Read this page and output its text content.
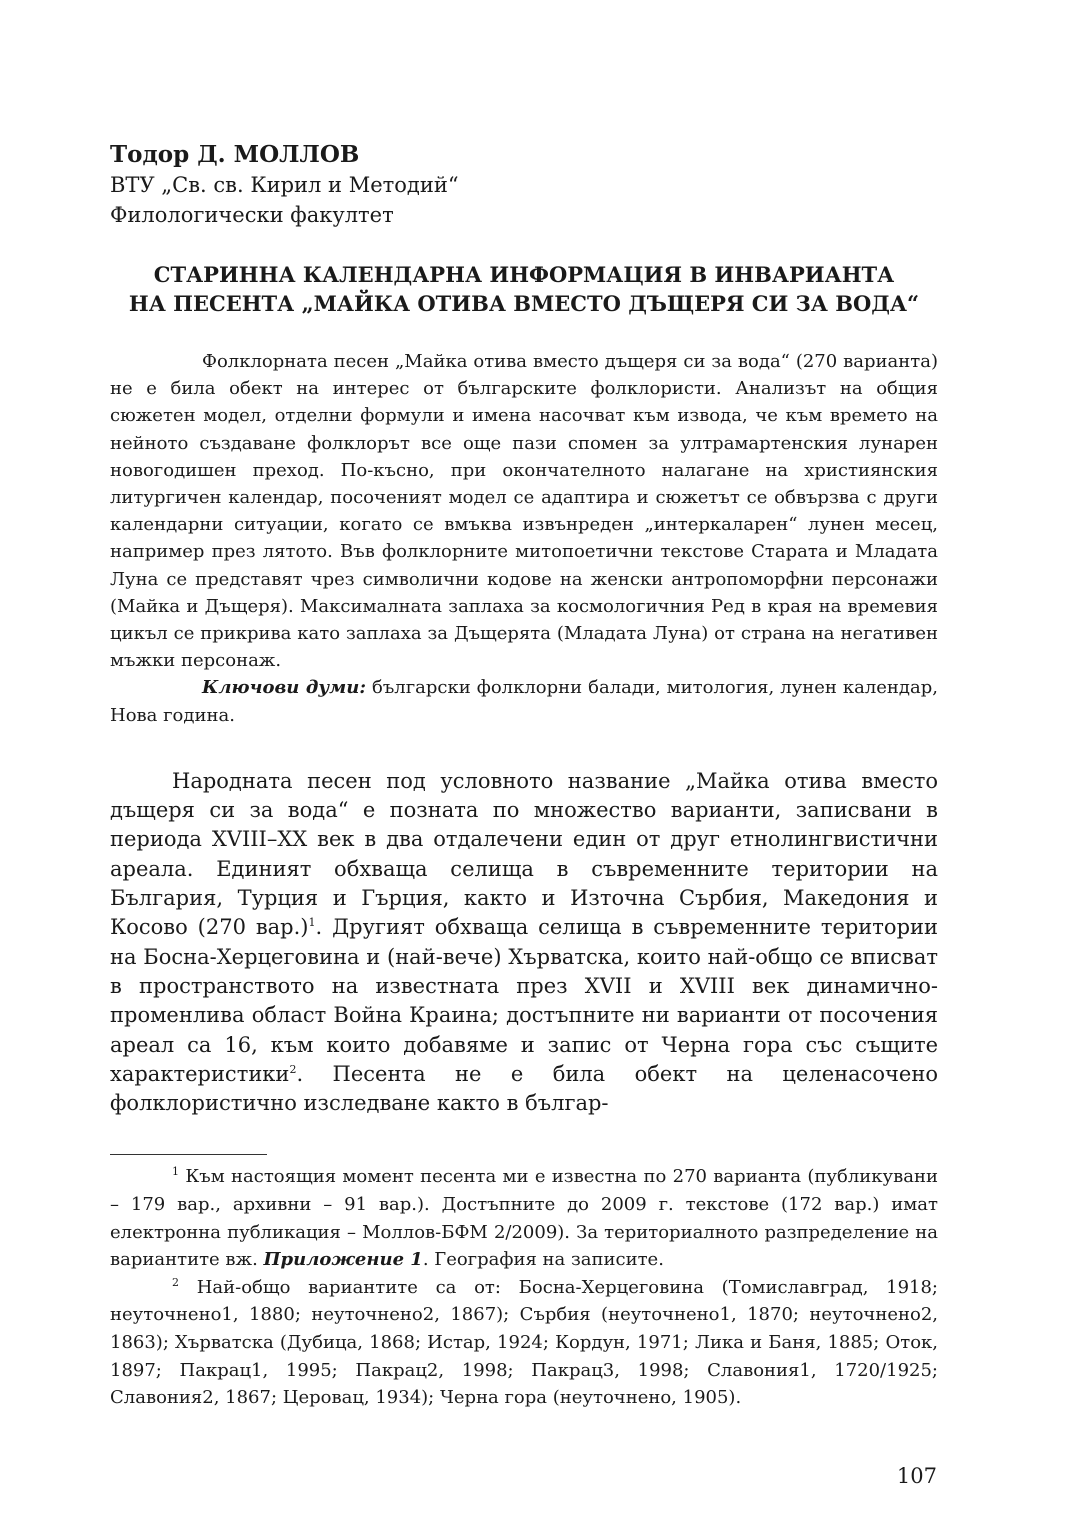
Тодор Д. МОЛЛОВ

ВТУ „Св. св. Кирил и Методий“

Филологически факултет

СТАРИННА КАЛЕНДАРНА ИНФОРМАЦИЯ В ИНВАРИАНТА
НА ПЕСЕНТА „МАЙКА ОТИВА ВМЕСТО ДЪЩЕРЯ СИ ЗА ВОДА“

Фолклорната песен „Майка отива вместо дъщеря си за вода“ (270 варианта) не е била обект на интерес от българските фолклористи. Анализът на общия сюжетен модел, отделни формули и имена насочват към извода, че към времето на нейното създаване фолклорът все още пази спомен за ултрамартенския лунарен новогодишен преход. По-късно, при окончателното налагане на християнския литургичен календар, посоченият модел се адаптира и сюжетът се обвързва с други календарни ситуации, когато се вмъква извънреден „интеркаларен“ лунен месец, например през лятото. Във фолклорните митопоетични текстове Старата и Младата Луна се представят чрез символични кодове на женски антропоморфни персонажи (Майка и Дъщеря). Максималната заплаха за космологичния Ред в края на времевия цикъл се прикрива като заплаха за Дъщерята (Младата Луна) от страна на негативен мъжки персонаж.

Ключови думи: български фолклорни балади, митология, лунен календар, Нова година.

Народната песен под условното название „Майка отива вместо дъщеря си за вода“ е позната по множество варианти, записвани в периода XVIII–XX век в два отдалечени един от друг етнолингвистични ареала. Единият обхваща селища в съвременните територии на България, Турция и Гърция, както и Източна Сърбия, Македония и Косово (270 вар.)$^1$. Другият обхваща селища в съвременните територии на Босна-Херцеговина и (най-вече) Хърватска, които най-общо се вписват в пространството на известната през XVII и XVIII век динамично-променлива област Война Краина; достъпните ни варианти от посочения ареал са 16, към които добавяме и запис от Черна гора със същите характеристики$^2$. Песента не е била обект на целенасочено фолклористично изследване както в българ-

$^1$ Към настоящия момент песента ми е известна по 270 варианта (публикувани – 179 вар., архивни – 91 вар.). Достъпните до 2009 г. текстове (172 вар.) имат електронна публикация – Моллов-БФМ 2/2009). За териториалното разпределение на вариантите вж. Приложение 1. География на записите.

$^2$ Най-общо вариантите са от: Босна-Херцеговина (Томиславград, 1918; неуточнено1, 1880; неуточнено2, 1867); Сърбия (неуточнено1, 1870; неуточнено2, 1863); Хърватска (Дубица, 1868; Истар, 1924; Кордун, 1971; Лика и Баня, 1885; Оток, 1897; Пакрац1, 1995; Пакрац2, 1998; Пакрац3, 1998; Славония1, 1720/1925; Славония2, 1867; Церовац, 1934); Черна гора (неуточнено, 1905).

107
